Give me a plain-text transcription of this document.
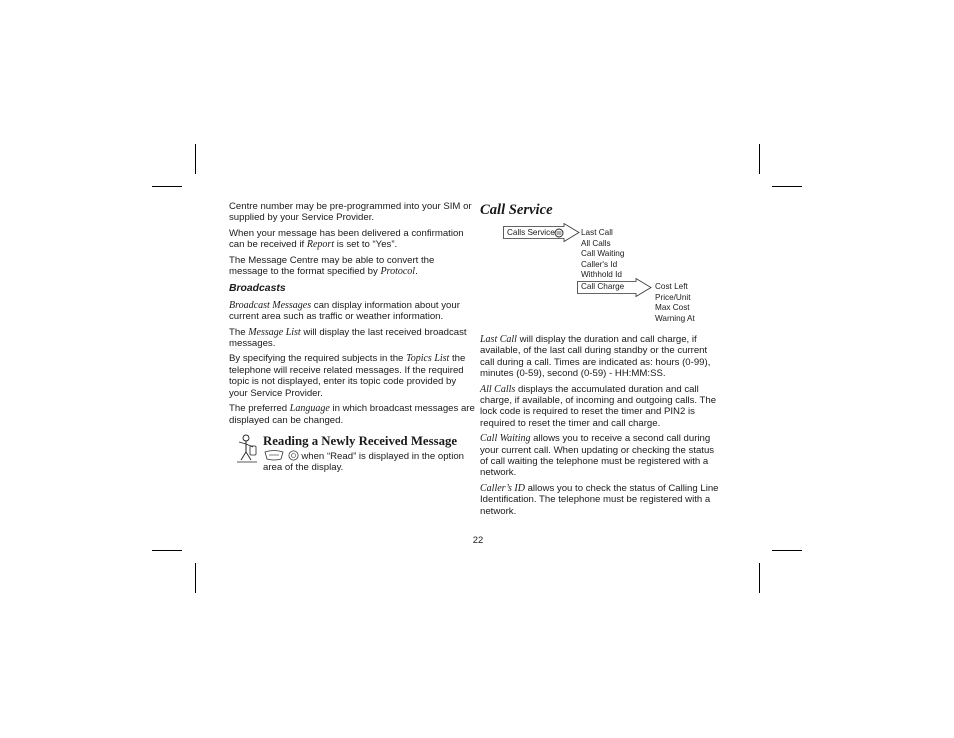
Centre number may be pre-programmed into your SIM or supplied by your Service Provider.

When your message has been delivered a confirmation can be received if Report is set to “Yes”.

The Message Centre may be able to convert the message to the format specified by Protocol.

Broadcasts

Broadcast Messages can display information about your current area such as traffic or weather information.

The Message List will display the last received broadcast messages.

By specifying the required subjects in the Topics List the telephone will receive related messages. If the required topic is not displayed, enter its topic code provided by your Service Provider.

The preferred Language in which broadcast messages are displayed can be changed.

Reading a Newly Received Message
when “Read” is displayed in the option area of the display.
Call Service
Calls Service	Last Call
All Calls
Call Waiting
Caller's Id
Withhold Id
Call Charge	Cost Left
Price/Unit
Max Cost
Warning At

Last Call will display the duration and call charge, if available, of the last call during standby or the current call during a call. Times are indicated as: hours (0-99), minutes (0-59), second (0-59) - HH:MM:SS.

All Calls displays the accumulated duration and call charge, if available, of incoming and outgoing calls. The lock code is required to reset the timer and PIN2 is required to reset the timer and call charge.

Call Waiting allows you to receive a second call during your current call. When updating or checking the status of call waiting the telephone must be registered with a network.

Caller’s ID allows you to check the status of Calling Line Identification. The telephone must be registered with a network.

22
